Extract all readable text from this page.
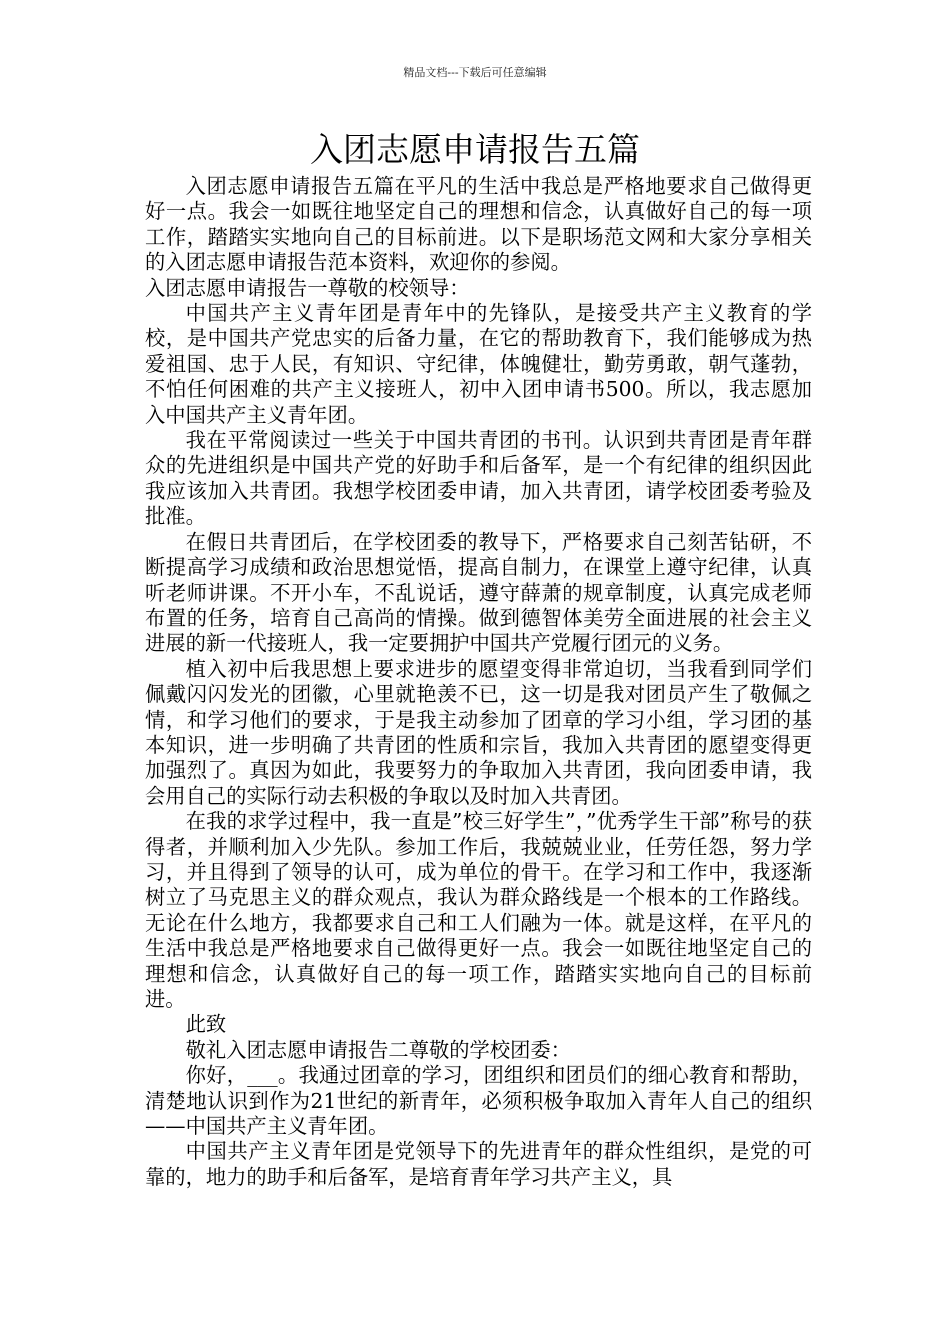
精品文档---下载后可任意编辑
入团志愿申请报告五篇

入团志愿申请报告五篇在平凡的生活中我总是严格地要求自己做得更好一点。我会一如既往地坚定自己的理想和信念，认真做好自己的每一项工作，踏踏实实地向自己的目标前进。以下是职场范文网和大家分享相关的入团志愿申请报告范本资料，欢迎你的参阅。

入团志愿申请报告一尊敬的校领导：

中国共产主义青年团是青年中的先锋队，是接受共产主义教育的学校，是中国共产党忠实的后备力量，在它的帮助教育下，我们能够成为热爱祖国、忠于人民，有知识、守纪律，体魄健壮，勤劳勇敢，朝气蓬勃，不怕任何困难的共产主义接班人，初中入团申请书500。所以，我志愿加入中国共产主义青年团。

我在平常阅读过一些关于中国共青团的书刊。认识到共青团是青年群众的先进组织是中国共产党的好助手和后备军，是一个有纪律的组织因此我应该加入共青团。我想学校团委申请，加入共青团，请学校团委考验及批准。

在假日共青团后，在学校团委的教导下，严格要求自己刻苦钻研，不断提高学习成绩和政治思想觉悟，提高自制力，在课堂上遵守纪律，认真听老师讲课。不开小车，不乱说话，遵守薛萧的规章制度，认真完成老师布置的任务，培育自己高尚的情操。做到德智体美劳全面进展的社会主义进展的新一代接班人，我一定要拥护中国共产党履行团元的义务。

植入初中后我思想上要求进步的愿望变得非常迫切，当我看到同学们佩戴闪闪发光的团徽，心里就艳羡不已，这一切是我对团员产生了敬佩之情，和学习他们的要求，于是我主动参加了团章的学习小组，学习团的基本知识，进一步明确了共青团的性质和宗旨，我加入共青团的愿望变得更加强烈了。真因为如此，我要努力的争取加入共青团，我向团委申请，我会用自己的实际行动去积极的争取以及时加入共青团。

在我的求学过程中，我一直是”校三好学生”，”优秀学生干部”称号的获得者，并顺利加入少先队。参加工作后，我兢兢业业，任劳任怨，努力学习，并且得到了领导的认可，成为单位的骨干。在学习和工作中，我逐渐树立了马克思主义的群众观点，我认为群众路线是一个根本的工作路线。无论在什么地方，我都要求自己和工人们融为一体。就是这样，在平凡的生活中我总是严格地要求自己做得更好一点。我会一如既往地坚定自己的理想和信念，认真做好自己的每一项工作，踏踏实实地向自己的目标前进。

此致

敬礼入团志愿申请报告二尊敬的学校团委：

你好，___。我通过团章的学习，团组织和团员们的细心教育和帮助，清楚地认识到作为21世纪的新青年，必须积极争取加入青年人自己的组织——中国共产主义青年团。

中国共产主义青年团是党领导下的先进青年的群众性组织，是党的可靠的，地力的助手和后备军，是培育青年学习共产主义，具
